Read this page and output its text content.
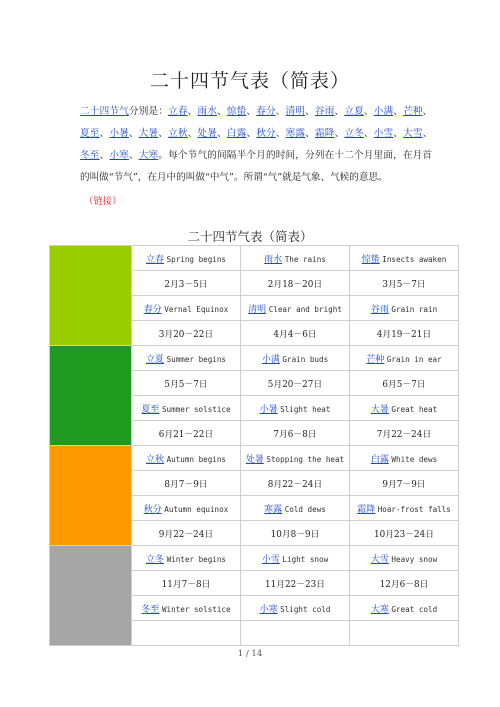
二十四节气表（简表）
二十四节气分别是：立春、雨水、惊蛰、春分、清明、谷雨、立夏、小满、芒种、夏至、小暑、大暑、立秋、处暑、白露、秋分、寒露、霜降、立冬、小雪、大雪、冬至、小寒、大寒。每个节气的间隔半个月的时间，分列在十二个月里面，在月首的叫做“节气”，在月中的叫做“中气”。所谓“气”就是气象、气候的意思。
（链接）
二十四节气表（简表）

	立春 Spring begins	雨水 The rains	惊蛰 Insects awaken

	2月3－5日	2月18－20日	3月5－7日

	春分 Vernal Equinox	清明 Clear and bright	谷雨 Grain rain

	3月20－22日	4月4－6日	4月19－21日

	立夏 Summer begins	小满 Grain buds	芒种 Grain in ear

	5月5－7日	5月20－27日	6月5－7日

	夏至 Summer solstice	小暑 Slight heat	大暑 Great heat

	6月21－22日	7月6－8日	7月22－24日

	立秋 Autumn begins	处暑 Stopping the heat	白露 White dews

	8月7－9日	8月22－24日	9月7－9日

	秋分 Autumn equinox	寒露 Cold dews	霜降 Hoar-frost falls

	9月22－24日	10月8－9日	10月23－24日

	立冬 Winter begins	小雪 Light snow	大雪 Heavy snow

	11月7－8日	11月22－23日	12月6－8日

	冬至 Winter solstice	小寒 Slight cold	大寒 Great cold

1 / 14
